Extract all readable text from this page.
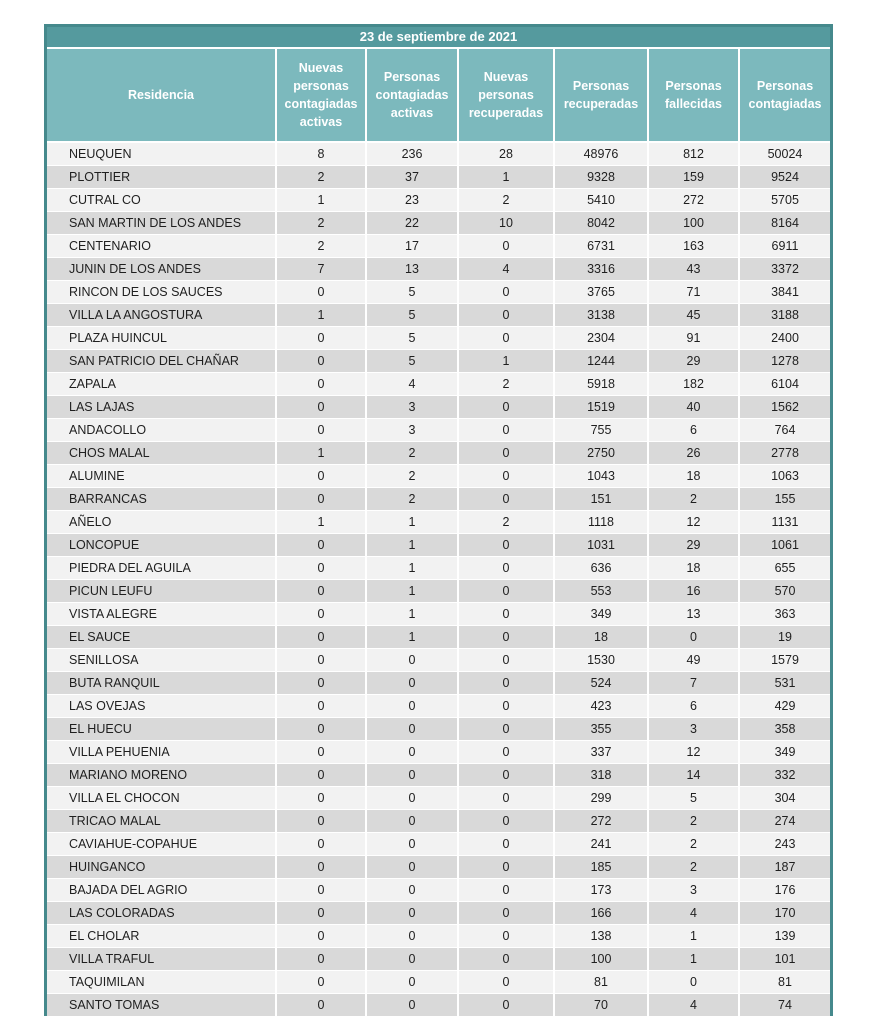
23 de septiembre de 2021
Residencia	Nuevas personas contagiadas activas	Personas contagiadas activas	Nuevas personas recuperadas	Personas recuperadas	Personas fallecidas	Personas contagiadas
NEUQUEN	8	236	28	48976	812	50024
PLOTTIER	2	37	1	9328	159	9524
CUTRAL CO	1	23	2	5410	272	5705
SAN MARTIN DE LOS ANDES	2	22	10	8042	100	8164
CENTENARIO	2	17	0	6731	163	6911
JUNIN DE LOS ANDES	7	13	4	3316	43	3372
RINCON DE LOS SAUCES	0	5	0	3765	71	3841
VILLA LA ANGOSTURA	1	5	0	3138	45	3188
PLAZA HUINCUL	0	5	0	2304	91	2400
SAN PATRICIO DEL CHAÑAR	0	5	1	1244	29	1278
ZAPALA	0	4	2	5918	182	6104
LAS LAJAS	0	3	0	1519	40	1562
ANDACOLLO	0	3	0	755	6	764
CHOS MALAL	1	2	0	2750	26	2778
ALUMINE	0	2	0	1043	18	1063
BARRANCAS	0	2	0	151	2	155
AÑELO	1	1	2	1118	12	1131
LONCOPUE	0	1	0	1031	29	1061
PIEDRA DEL AGUILA	0	1	0	636	18	655
PICUN LEUFU	0	1	0	553	16	570
VISTA ALEGRE	0	1	0	349	13	363
EL SAUCE	0	1	0	18	0	19
SENILLOSA	0	0	0	1530	49	1579
BUTA RANQUIL	0	0	0	524	7	531
LAS OVEJAS	0	0	0	423	6	429
EL HUECU	0	0	0	355	3	358
VILLA PEHUENIA	0	0	0	337	12	349
MARIANO MORENO	0	0	0	318	14	332
VILLA EL CHOCON	0	0	0	299	5	304
TRICAO MALAL	0	0	0	272	2	274
CAVIAHUE-COPAHUE	0	0	0	241	2	243
HUINGANCO	0	0	0	185	2	187
BAJADA DEL AGRIO	0	0	0	173	3	176
LAS COLORADAS	0	0	0	166	4	170
EL CHOLAR	0	0	0	138	1	139
VILLA TRAFUL	0	0	0	100	1	101
TAQUIMILAN	0	0	0	81	0	81
SANTO TOMAS	0	0	0	70	4	74
